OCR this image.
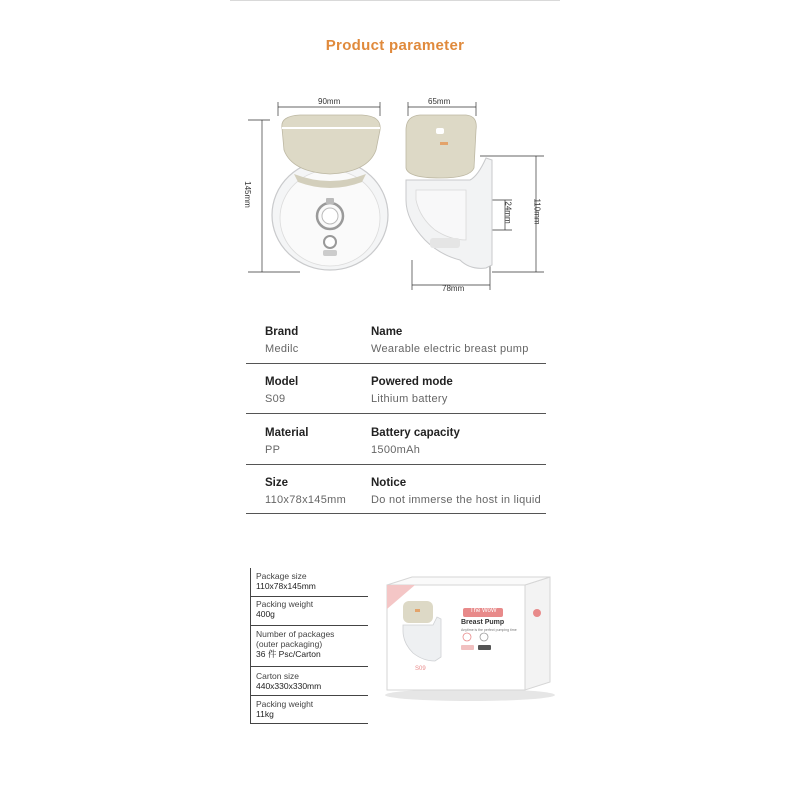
Product parameter
90mm
145mm
65mm
110mm
24mm
78mm
Brand
Medilc
Name
Wearable electric breast pump
Model
S09
Powered mode
Lithium battery
Material
PP
Battery capacity
1500mAh
Size
110x78x145mm
Notice
Do not immerse the host in liquid
Package size
110x78x145mm
Packing weight
400g
Number of packages
(outer packaging)
36 件 Psc/Carton
Carton size
440x330x330mm
Packing weight
11kg
The WoW
Breast Pump
Anytime is the perfect pumping time
S09
